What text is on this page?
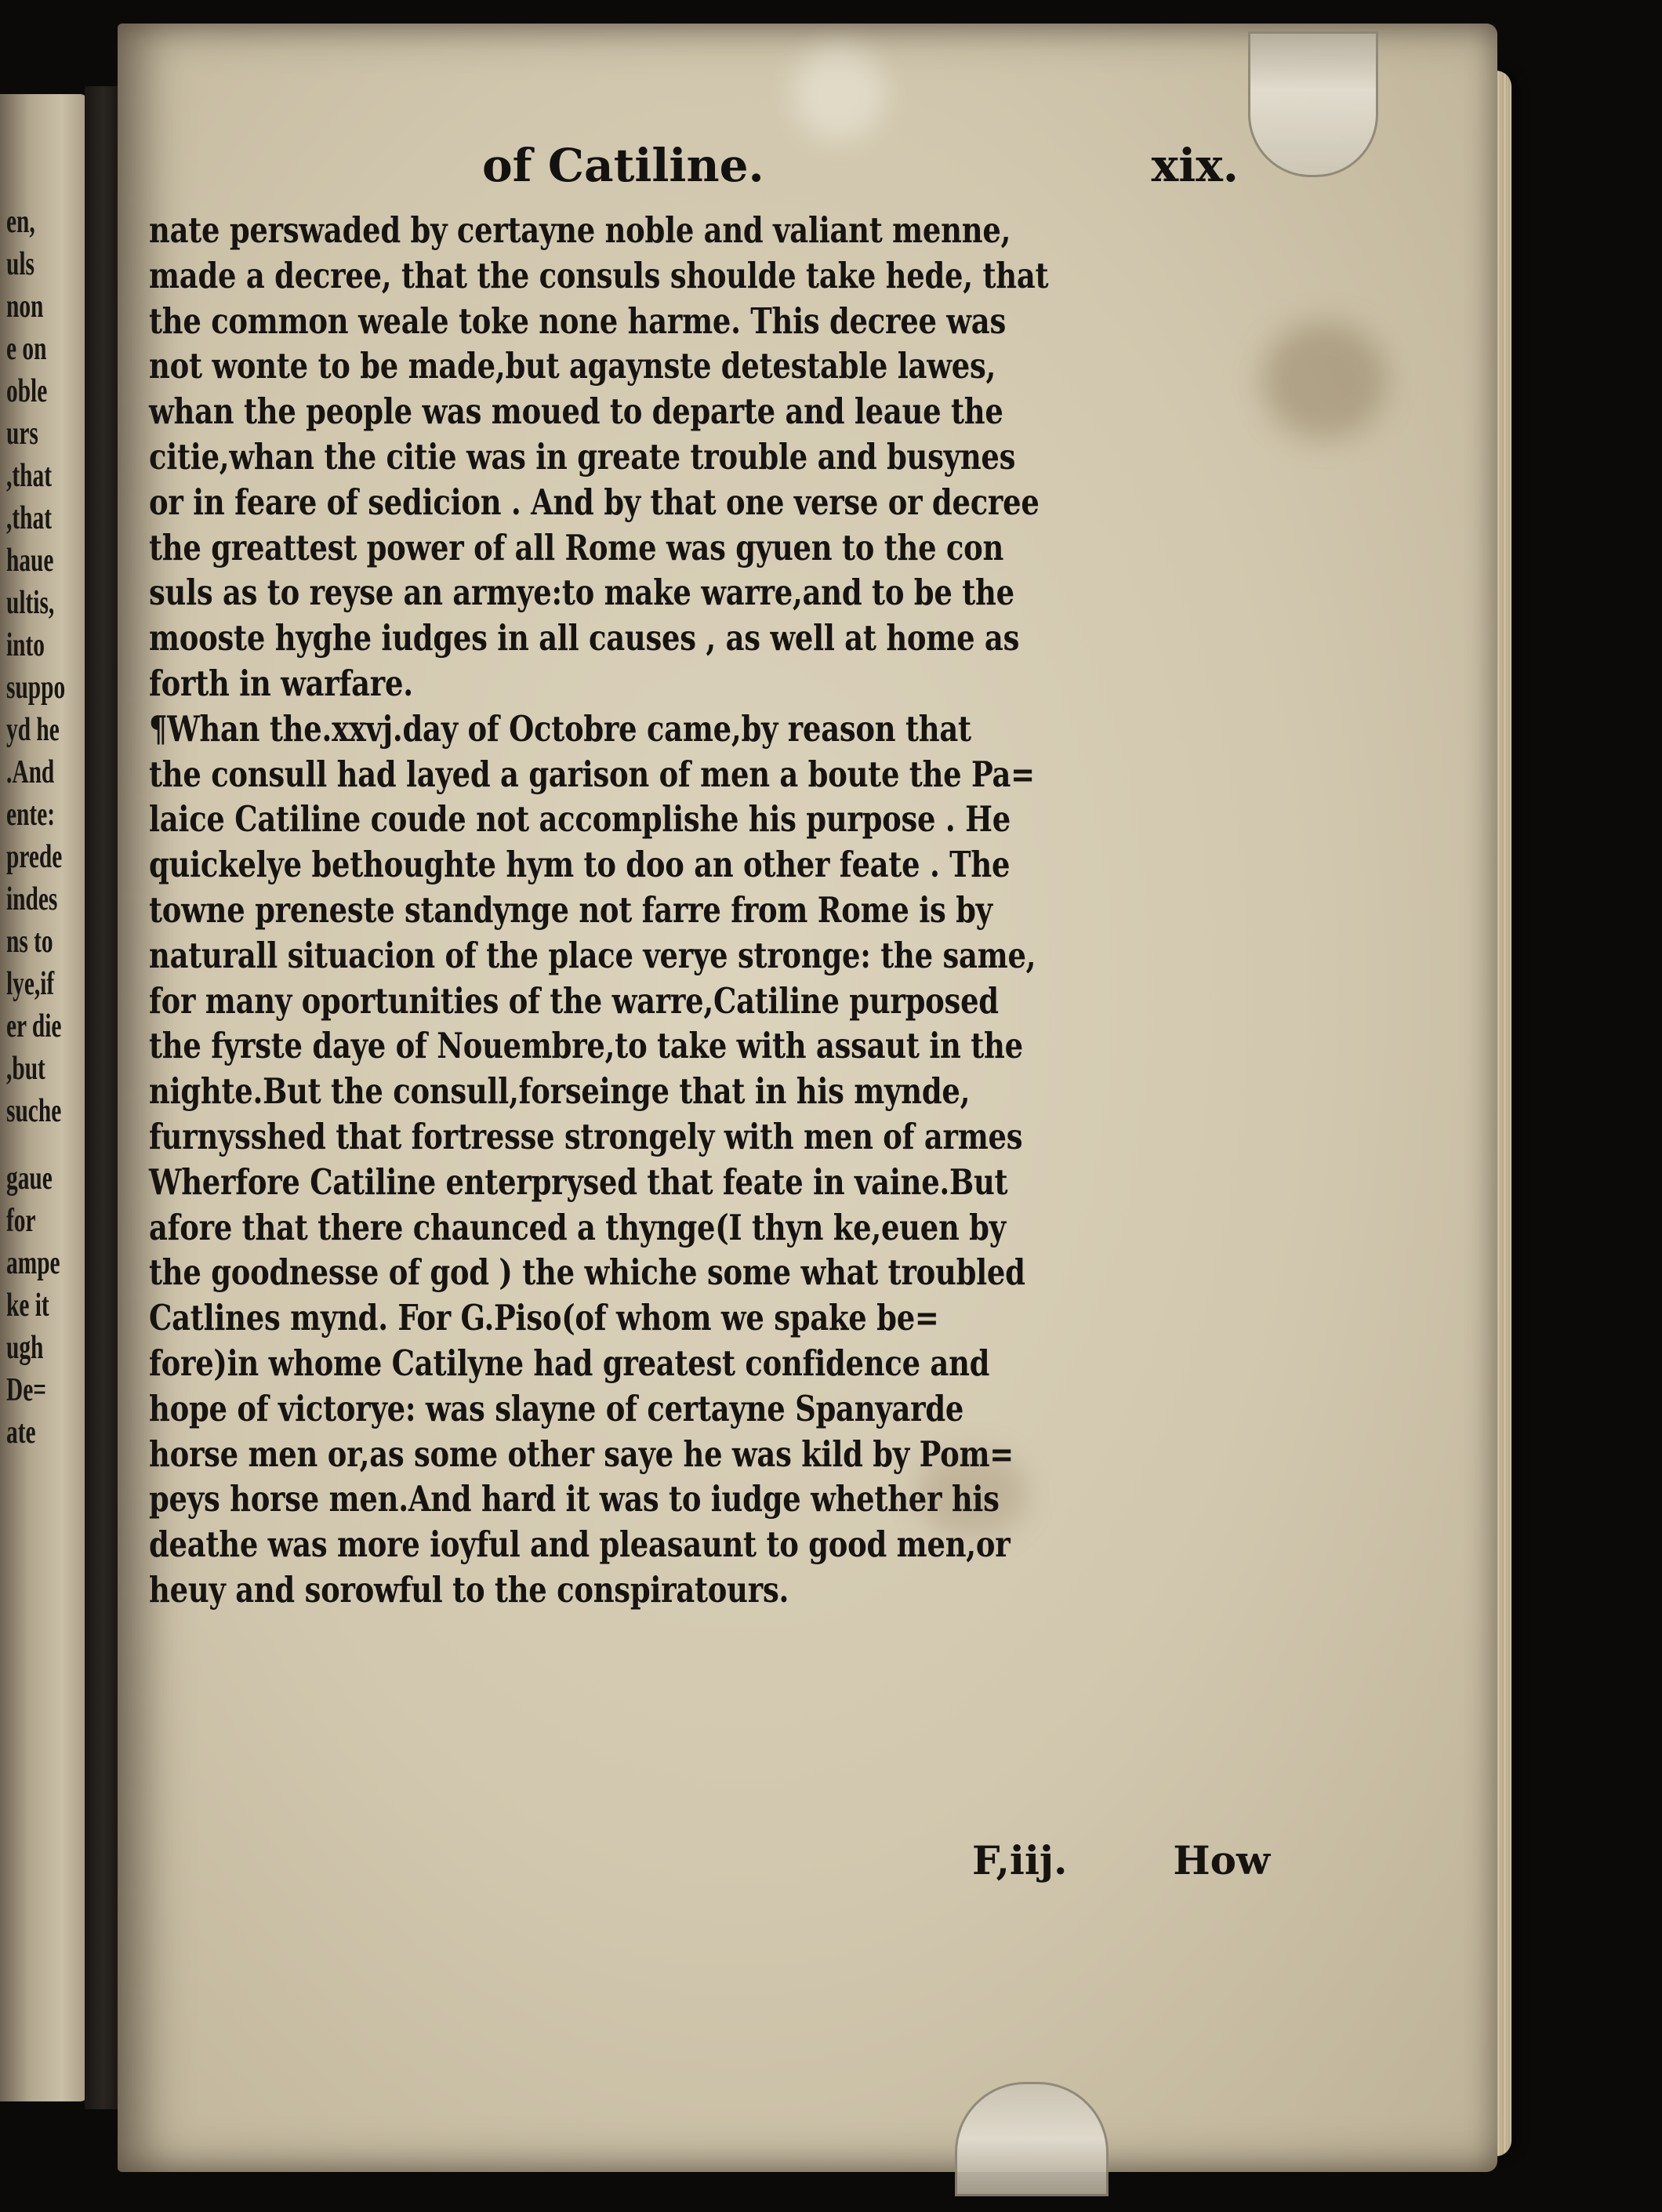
en,
uls
non
e on
oble
urs
,that
,that
haue
ultis,
into
suppo
yd he
.And
ente:
prede
indes
ns to
lye,if
er die
,but
suche
gaue
for
ampe
ke it
ugh
De=
ate
of Catiline.	xix.
nate perswaded by certayne noble and valiant menne,
made a decree, that the consuls shoulde take hede, that
the common weale toke none harme. This decree was
not wonte to be made,but agaynste detestable lawes,
whan the people was moued to departe and leaue the
citie,whan the citie was in greate trouble and busynes
or in feare of sedicion . And by that one verse or decree
the greattest power of all Rome was gyuen to the con
suls as to reyse an armye:to make warre,and to be the
mooste hyghe iudges in all causes , as well at home as
forth in warfare.
¶Whan the.xxvj.day of Octobre came,by reason that
the consull had layed a garison of men a boute the Pa=
laice Catiline coude not accomplishe his purpose . He
quickelye bethoughte hym to doo an other feate . The
towne preneste standynge not farre from Rome is by
naturall situacion of the place verye stronge: the same,
for many oportunities of the warre,Catiline purposed
the fyrste daye of Nouembre,to take with assaut in the
nighte.But the consull,forseinge that in his mynde,
furnysshed that fortresse strongely with men of armes
Wherfore Catiline enterprysed that feate in vaine.But
afore that there chaunced a thynge(I thyn ke,euen by
the goodnesse of god ) the whiche some what troubled
Catlines mynd. For G.Piso(of whom we spake be=
fore)in whome Catilyne had greatest confidence and
hope of victorye: was slayne of certayne Spanyarde
horse men or,as some other saye he was kild by Pom=
peys horse men.And hard it was to iudge whether his
deathe was more ioyful and pleasaunt to good men,or
heuy and sorowful to the conspiratours.
F,iij.	How
